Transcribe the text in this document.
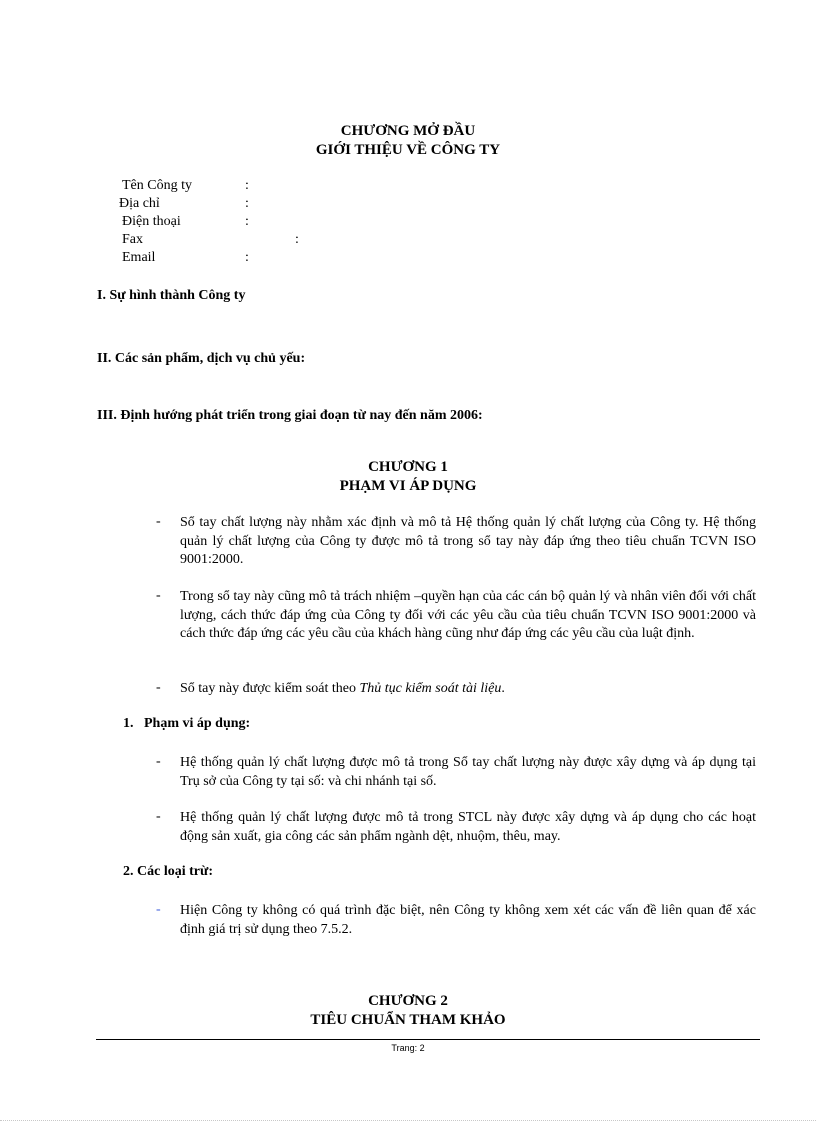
CHƯƠNG MỞ ĐẦU
GIỚI THIỆU VỀ CÔNG TY
Tên Công ty	:
Địa chỉ	:
Điện thoại	:
Fax	:
Email	:
I. Sự hình thành Công ty
II. Các sản phẩm, dịch vụ chủ yếu:
III. Định hướng phát triển trong giai đoạn từ nay đến năm 2006:
CHƯƠNG 1
PHẠM VI ÁP DỤNG
- Sổ tay chất lượng này nhằm xác định và mô tả Hệ thống quản lý chất lượng của Công ty. Hệ thống quản lý chất lượng của Công ty được mô tả trong sổ tay này đáp ứng theo tiêu chuẩn TCVN ISO 9001:2000.
- Trong sổ tay này cũng mô tả trách nhiệm –quyền hạn của các cán bộ quản lý và nhân viên đối với chất lượng, cách thức đáp ứng của Công ty đối với các yêu cầu của tiêu chuẩn TCVN ISO 9001:2000 và cách thức đáp ứng các yêu cầu của khách hàng cũng như đáp ứng các yêu cầu của luật định.
- Sổ tay này được kiểm soát theo Thủ tục kiểm soát tài liệu.
1.   Phạm vi áp dụng:
- Hệ thống quản lý chất lượng được mô tả trong Sổ tay chất lượng này được xây dựng và áp dụng tại Trụ sở của Công ty tại số: và chi nhánh tại số.
- Hệ thống quản lý chất lượng được mô tả trong STCL này được xây dựng và áp dụng cho các hoạt động sản xuất, gia công các sản phẩm ngành dệt, nhuộm, thêu, may.
2. Các loại trừ:
- Hiện Công ty không có quá trình đặc biệt, nên Công ty không xem xét các vấn đề liên quan để xác định giá trị sử dụng theo 7.5.2.
CHƯƠNG 2
TIÊU CHUẨN THAM KHẢO
Trang: 2
